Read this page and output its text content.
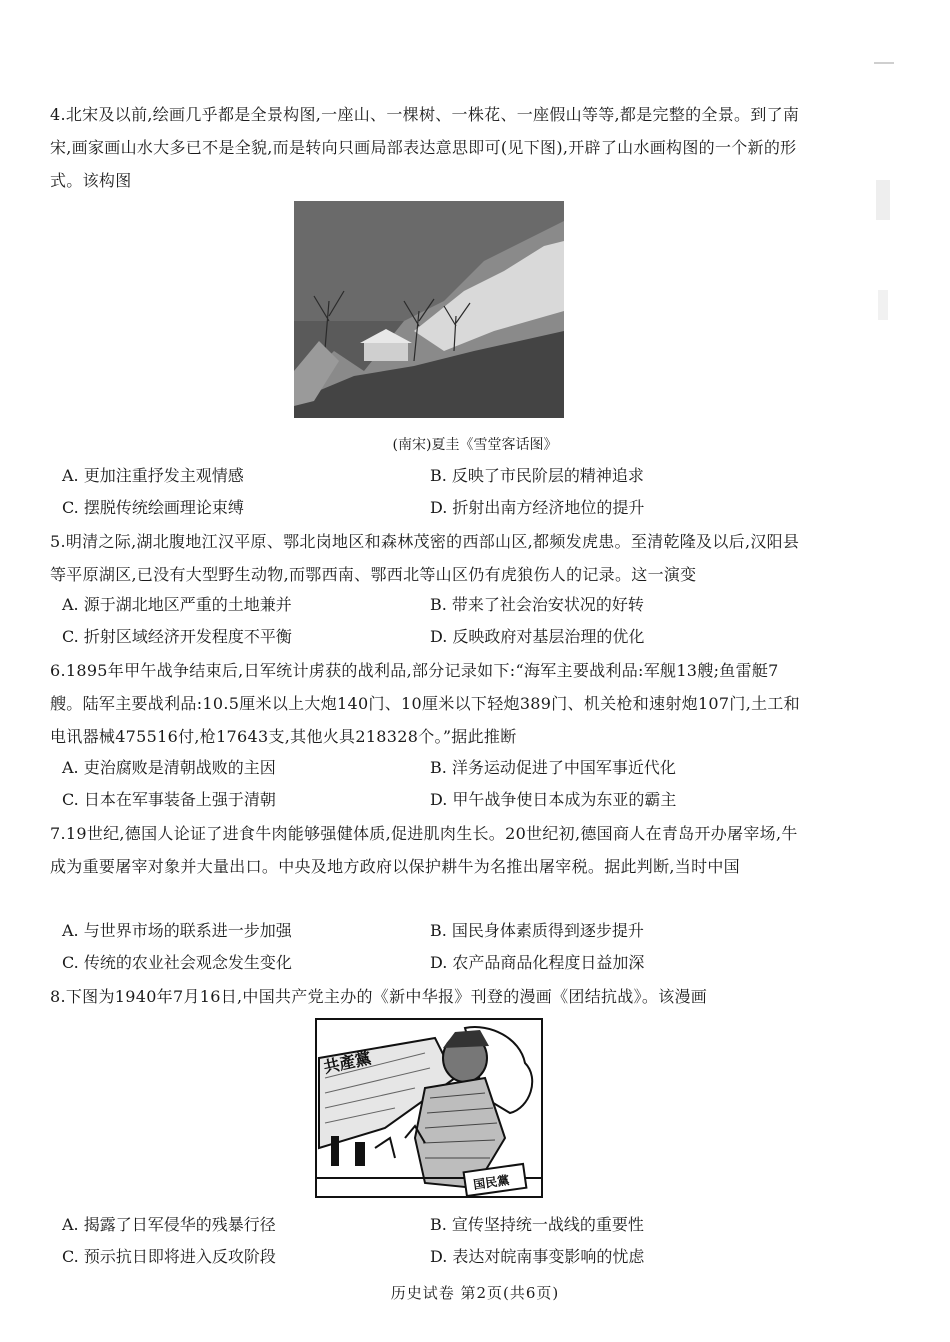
4.北宋及以前,绘画几乎都是全景构图,一座山、一棵树、一株花、一座假山等等,都是完整的全景。到了南宋,画家画山水大多已不是全貌,而是转向只画局部表达意思即可(见下图),开辟了山水画构图的一个新的形式。该构图
(南宋)夏圭《雪堂客话图》
A. 更加注重抒发主观情感	B. 反映了市民阶层的精神追求
C. 摆脱传统绘画理论束缚	D. 折射出南方经济地位的提升
5.明清之际,湖北腹地江汉平原、鄂北岗地区和森林茂密的西部山区,都频发虎患。至清乾隆及以后,汉阳县等平原湖区,已没有大型野生动物,而鄂西南、鄂西北等山区仍有虎狼伤人的记录。这一演变
A. 源于湖北地区严重的土地兼并	B. 带来了社会治安状况的好转
C. 折射区域经济开发程度不平衡	D. 反映政府对基层治理的优化
6.1895年甲午战争结束后,日军统计虏获的战利品,部分记录如下:“海军主要战利品:军舰13艘;鱼雷艇7艘。陆军主要战利品:10.5厘米以上大炮140门、10厘米以下轻炮389门、机关枪和速射炮107门,土工和电讯器械475516付,枪17643支,其他火具218328个。”据此推断
A. 吏治腐败是清朝战败的主因	B. 洋务运动促进了中国军事近代化
C. 日本在军事装备上强于清朝	D. 甲午战争使日本成为东亚的霸主
7.19世纪,德国人论证了进食牛肉能够强健体质,促进肌肉生长。20世纪初,德国商人在青岛开办屠宰场,牛成为重要屠宰对象并大量出口。中央及地方政府以保护耕牛为名推出屠宰税。据此判断,当时中国
A. 与世界市场的联系进一步加强	B. 国民身体素质得到逐步提升
C. 传统的农业社会观念发生变化	D. 农产品商品化程度日益加深
8.下图为1940年7月16日,中国共产党主办的《新中华报》刊登的漫画《团结抗战》。该漫画
共產黨
国民黨
A. 揭露了日军侵华的残暴行径	B. 宣传坚持统一战线的重要性
C. 预示抗日即将进入反攻阶段	D. 表达对皖南事变影响的忧虑
历史试卷 第2页(共6页)
